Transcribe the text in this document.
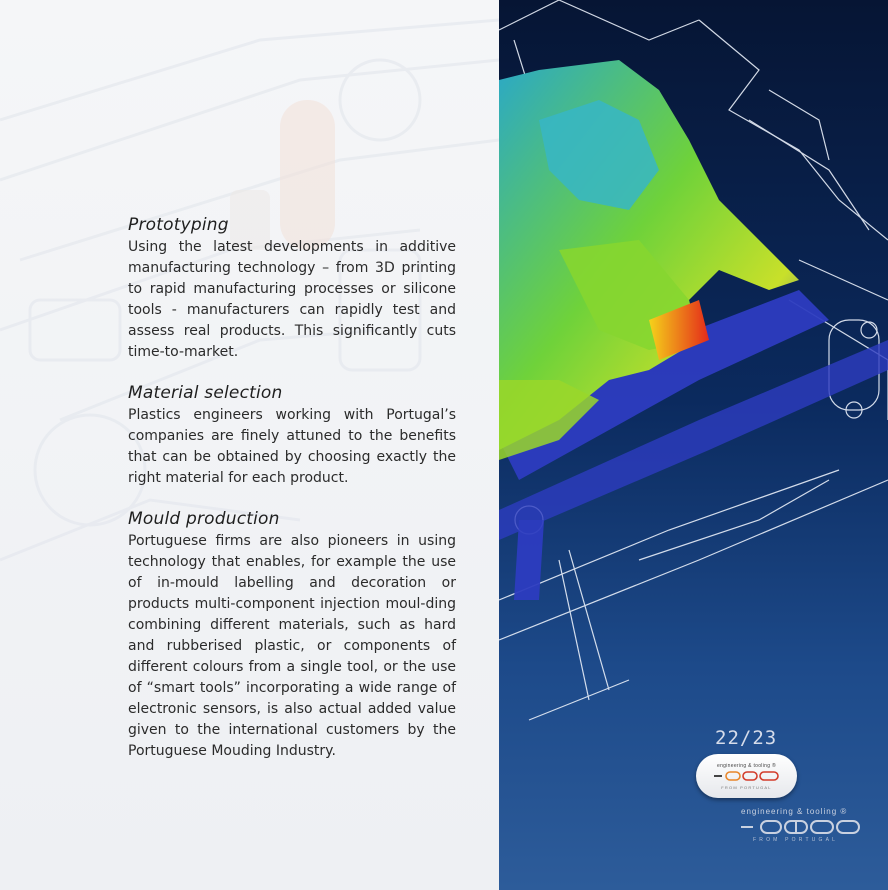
Prototyping

Using the latest developments in additive manufacturing technology – from 3D printing to rapid manufacturing processes or silicone tools - manufacturers can rapidly test and assess real products. This significantly cuts time-to-market.

Material selection

Plastics engineers working with Portugal’s companies are finely attuned to the benefits that can be obtained by choosing exactly the right material for each product.

Mould production

Portuguese firms are also pioneers in using technology that enables, for example the use of in-mould labelling and decoration or products multi-component injection moul-ding combining different materials, such as hard and rubberised plastic, or components of different colours from a single tool, or the use of “smart tools” incorporating a wide range of electronic sensors, is also actual added value given to the international customers by the Portuguese Mouding Industry.

22/23
engineering & tooling ®
FROM PORTUGAL
engineering & tooling ®
FROM PORTUGAL
